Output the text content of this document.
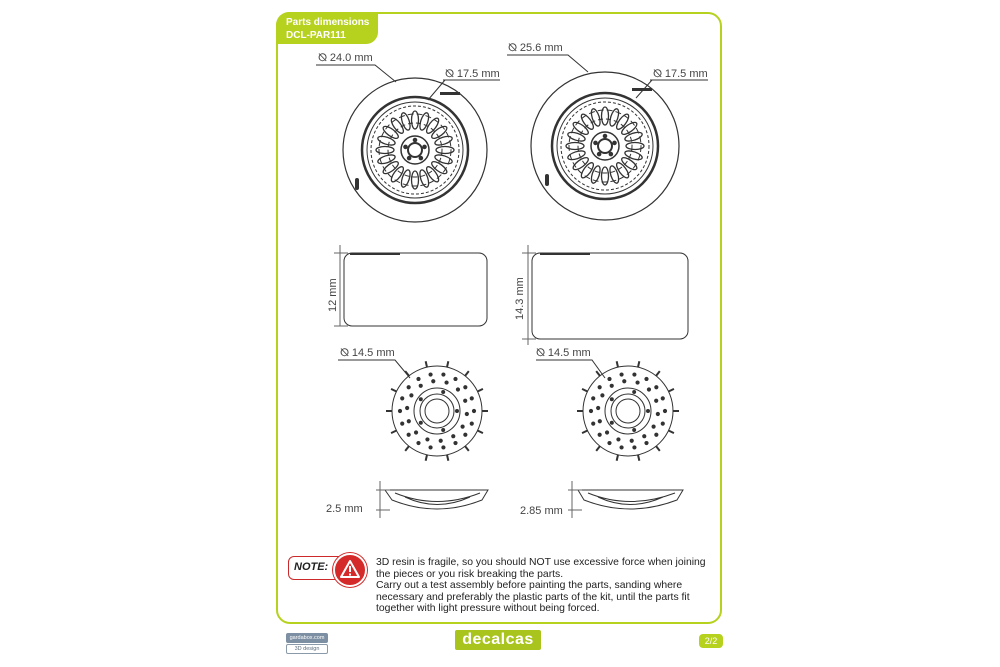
Parts dimensions
DCL-PAR111
⦰ 24.0 mm
⦰ 17.5 mm
⦰ 25.6 mm
⦰ 17.5 mm
12 mm	14.3 mm
⦰ 14.5 mm	⦰ 14.5 mm
2.5 mm	2.85 mm
NOTE:	3D resin is fragile, so you should NOT use excessive force when joining the pieces or you risk breaking the parts.

Carry out a test assembly before painting the parts, sanding where necessary and preferably the plastic parts of the kit, until the parts fit together with light pressure without being forced.

gardabox.com
3D design
decalcas	2/2
